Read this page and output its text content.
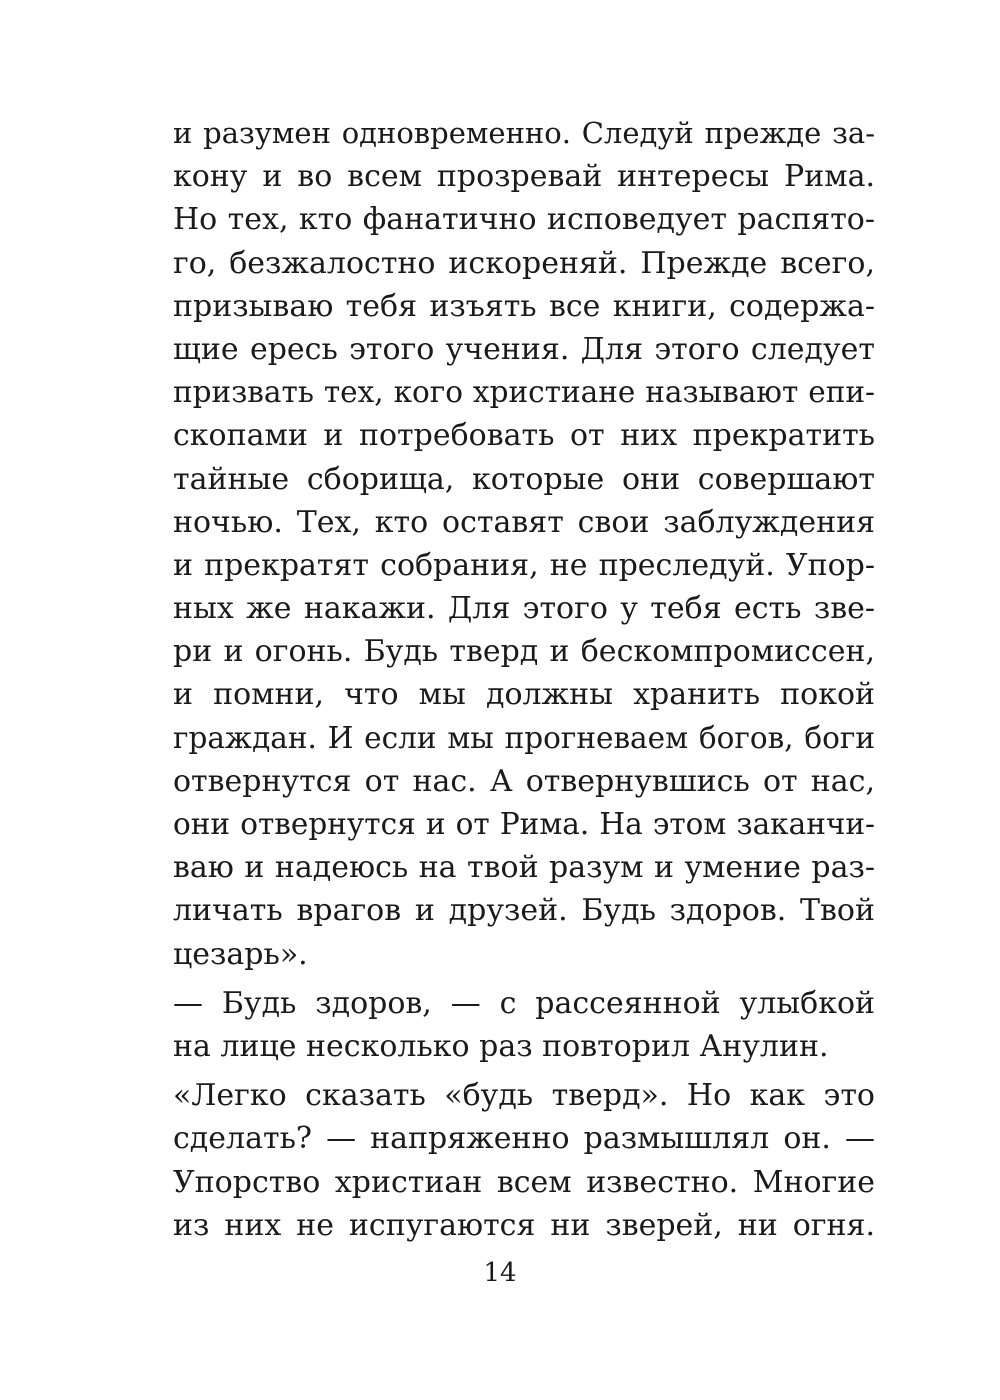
и разумен одновременно. Следуй прежде за-
кону и во всем прозревай интересы Рима.
Но тех, кто фанатично исповедует распято-
го, безжалостно искореняй. Прежде всего,
призываю тебя изъять все книги, содержа-
щие ересь этого учения. Для этого следует
призвать тех, кого христиане называют епи-
скопами и потребовать от них прекратить
тайные сборища, которые они совершают
ночью. Тех, кто оставят свои заблуждения
и прекратят собрания, не преследуй. Упор-
ных же накажи. Для этого у тебя есть зве-
ри и огонь. Будь тверд и бескомпромиссен,
и помни, что мы должны хранить покой
граждан. И если мы прогневаем богов, боги
отвернутся от нас. А отвернувшись от нас,
они отвернутся и от Рима. На этом заканчи-
ваю и надеюсь на твой разум и умение раз-
личать врагов и друзей. Будь здоров. Твой
цезарь».
— Будь здоров, — с рассеянной улыбкой
на лице несколько раз повторил Анулин.
«Легко сказать «будь тверд». Но как это
сделать? — напряженно размышлял он. —
Упорство христиан всем известно. Многие
из них не испугаются ни зверей, ни огня.
14
